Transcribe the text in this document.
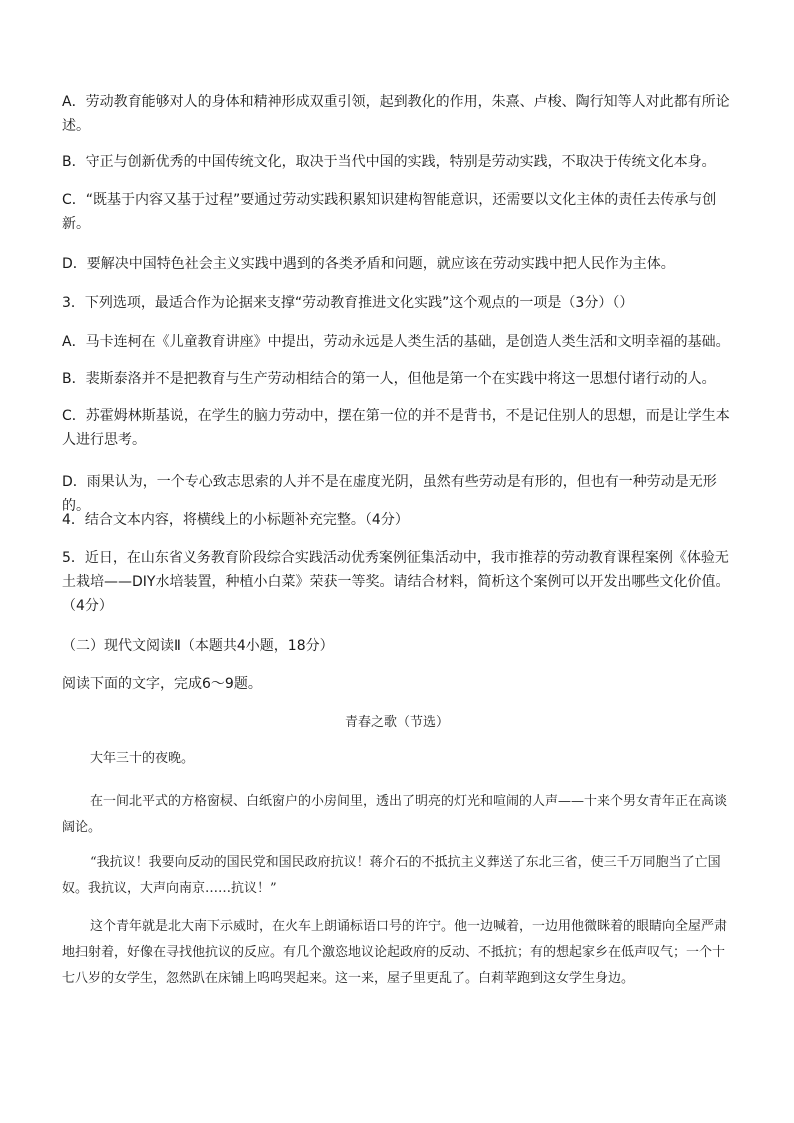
A．劳动教育能够对人的身体和精神形成双重引领，起到教化的作用，朱熹、卢梭、陶行知等人对此都有所论述。

B．守正与创新优秀的中国传统文化，取决于当代中国的实践，特别是劳动实践，不取决于传统文化本身。

C．“既基于内容又基于过程”要通过劳动实践积累知识建构智能意识，还需要以文化主体的责任去传承与创新。

D．要解决中国特色社会主义实践中遇到的各类矛盾和问题，就应该在劳动实践中把人民作为主体。

3．下列选项，最适合作为论据来支撑“劳动教育推进文化实践”这个观点的一项是（3分）（）

A．马卡连柯在《儿童教育讲座》中提出，劳动永远是人类生活的基础，是创造人类生活和文明幸福的基础。

B．裴斯泰洛并不是把教育与生产劳动相结合的第一人，但他是第一个在实践中将这一思想付诸行动的人。

C．苏霍姆林斯基说，在学生的脑力劳动中，摆在第一位的并不是背书，不是记住别人的思想，而是让学生本人进行思考。

D．雨果认为，一个专心致志思索的人并不是在虚度光阴，虽然有些劳动是有形的，但也有一种劳动是无形的。

4．结合文本内容，将横线上的小标题补充完整。（4分）

5．近日，在山东省义务教育阶段综合实践活动优秀案例征集活动中，我市推荐的劳动教育课程案例《体验无土栽培——DIY水培装置，种植小白菜》荣获一等奖。请结合材料，简析这个案例可以开发出哪些文化价值。（4分）

（二）现代文阅读Ⅱ（本题共4小题，18分）

阅读下面的文字，完成6～9题。

青春之歌（节选）

大年三十的夜晚。

在一间北平式的方格窗棂、白纸窗户的小房间里，透出了明亮的灯光和喧闹的人声——十来个男女青年正在高谈阔论。

“我抗议！我要向反动的国民党和国民政府抗议！蒋介石的不抵抗主义葬送了东北三省，使三千万同胞当了亡国奴。我抗议，大声向南京……抗议！”

这个青年就是北大南下示威时，在火车上朗诵标语口号的许宁。他一边喊着，一边用他微眯着的眼睛向全屋严肃地扫射着，好像在寻找他抗议的反应。有几个激恣地议论起政府的反动、不抵抗；有的想起家乡在低声叹气；一个十七八岁的女学生，忽然趴在床铺上呜呜哭起来。这一来，屋子里更乱了。白莉苹跑到这女学生身边。
